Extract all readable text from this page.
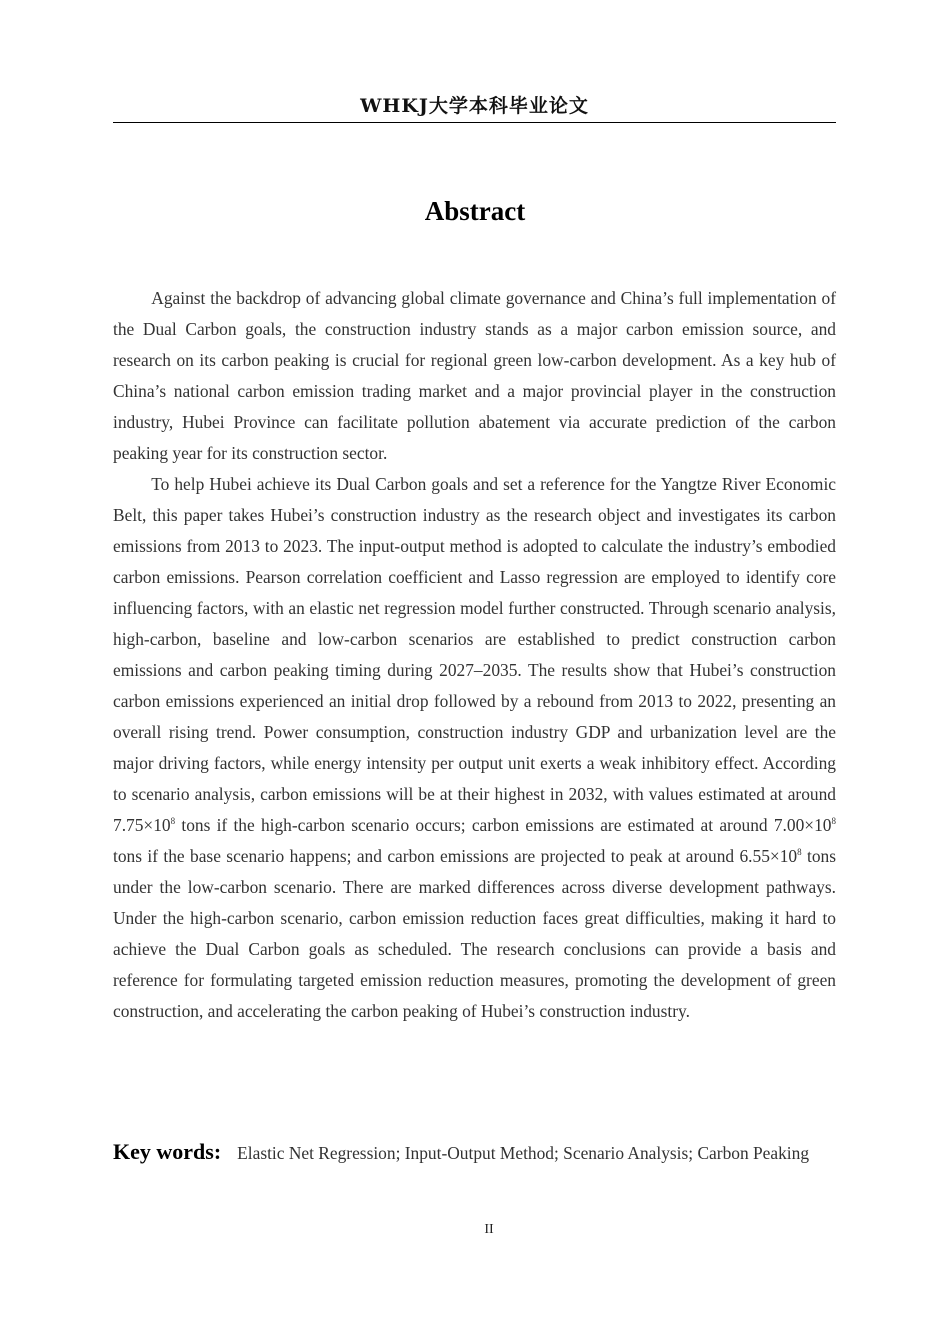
WHKJ大学本科毕业论文
Abstract

Against the backdrop of advancing global climate governance and China’s full implementation of the Dual Carbon goals, the construction industry stands as a major carbon emission source, and research on its carbon peaking is crucial for regional green low-carbon development. As a key hub of China’s national carbon emission trading market and a major provincial player in the construction industry, Hubei Province can facilitate pollution abatement via accurate prediction of the carbon peaking year for its construction sector.

To help Hubei achieve its Dual Carbon goals and set a reference for the Yangtze River Economic Belt, this paper takes Hubei’s construction industry as the research object and investigates its carbon emissions from 2013 to 2023. The input-output method is adopted to calculate the industry’s embodied carbon emissions. Pearson correlation coefficient and Lasso regression are employed to identify core influencing factors, with an elastic net regression model further constructed. Through scenario analysis, high-carbon, baseline and low-carbon scenarios are established to predict construction carbon emissions and carbon peaking timing during 2027–2035. The results show that Hubei’s construction carbon emissions experienced an initial drop followed by a rebound from 2013 to 2022, presenting an overall rising trend. Power consumption, construction industry GDP and urbanization level are the major driving factors, while energy intensity per output unit exerts a weak inhibitory effect. According to scenario analysis, carbon emissions will be at their highest in 2032, with values estimated at around $7.75\times 10^8$ tons if the high-carbon scenario occurs; carbon emissions are estimated at around $7.00\times 10^8$ tons if the base scenario happens; and carbon emissions are projected to peak at around $6.55\times 10^8$ tons under the low-carbon scenario. There are marked differences across diverse development pathways. Under the high-carbon scenario, carbon emission reduction faces great difficulties, making it hard to achieve the Dual Carbon goals as scheduled. The research conclusions can provide a basis and reference for formulating targeted emission reduction measures, promoting the development of green construction, and accelerating the carbon peaking of Hubei’s construction industry.

Key words: Elastic Net Regression; Input-Output Method; Scenario Analysis; Carbon Peaking
II
